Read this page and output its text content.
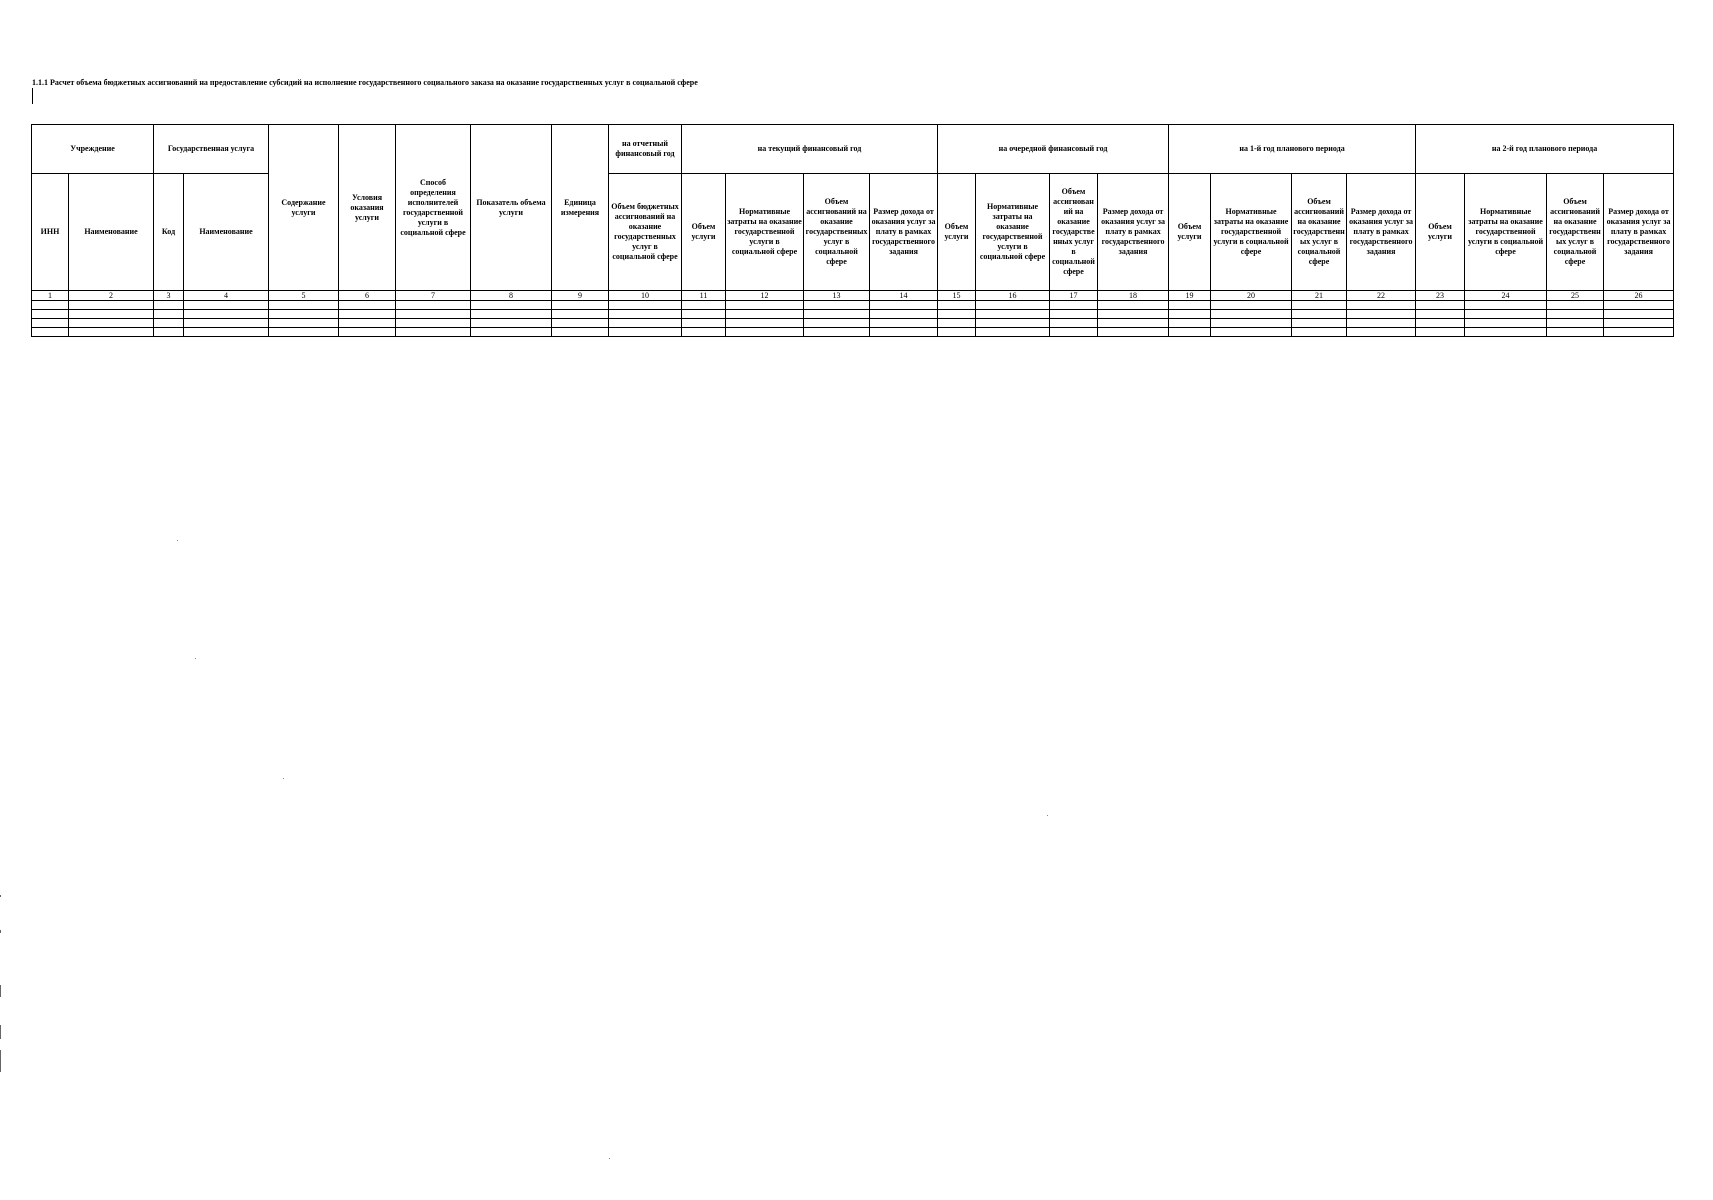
1.1.1 Расчет объема бюджетных ассигнований на предоставление субсидий на исполнение государственного социального заказа на оказание государственных услуг в социальной сфере
Учреждение		Государственная услуга		Содержание услуги	Условия оказания услуги	Способ определения исполнителей государственной услуги в социальной сфере	Показатель объема услуги	Единица измерения	на отчетный финансовый год	на текущий финансовый год				на очередной финансовый год				на 1-й год планового периода				на 2-й год планового периода			
ИНН	Наименование	Код	Наименование						Объем бюджетных ассигнований на оказание государственных услуг в социальной сфере	Объем услуги	Нормативные затраты на оказание государственной услуги в социальной сфере	Объем ассигнований на оказание государственных услуг в социальной сфере	Размер дохода от оказания услуг за плату в рамках государственного задания	Объем услуги	Нормативные затраты на оказание государственной услуги в социальной сфере	Объем ассигнований на оказание государственных услуг в социальной сфере	Размер дохода от оказания услуг за плату в рамках государственного задания	Объем услуги	Нормативные затраты на оказание государственной услуги в социальной сфере	Объем ассигнований на оказание государственных услуг в социальной сфере	Размер дохода от оказания услуг за плату в рамках государственного задания	Объем услуги	Нормативные затраты на оказание государственной услуги в социальной сфере	Объем ассигнований на оказание государственных услуг в социальной сфере	Размер дохода от оказания услуг за плату в рамках государственного задания
1	2	3	4	5	6	7	8	9	10	11	12	13	14	15	16	17	18	19	20	21	22	23	24	25	26
